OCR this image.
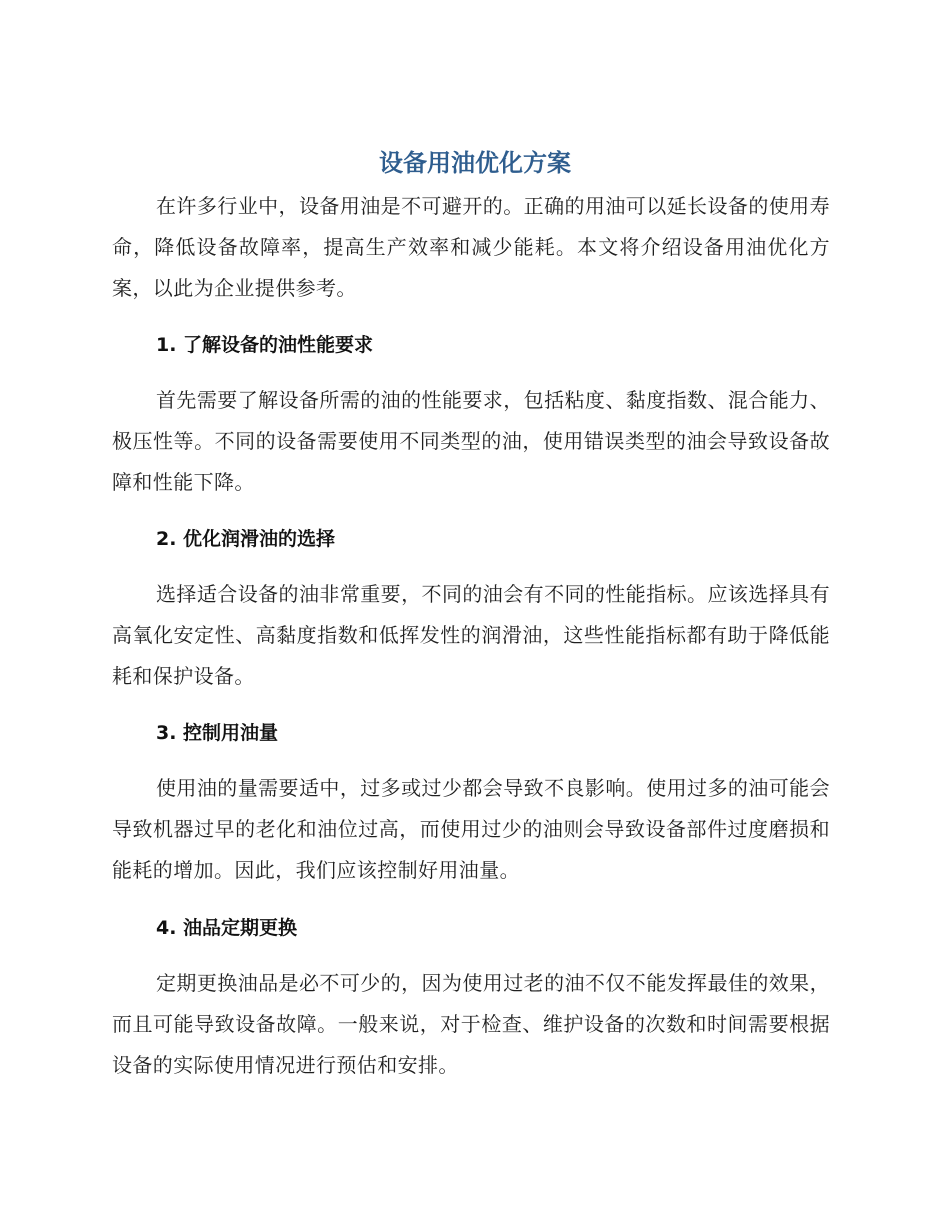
设备用油优化方案

在许多行业中，设备用油是不可避开的。正确的用油可以延长设备的使用寿命，降低设备故障率，提高生产效率和减少能耗。本文将介绍设备用油优化方案，以此为企业提供参考。

1. 了解设备的油性能要求

首先需要了解设备所需的油的性能要求，包括粘度、黏度指数、混合能力、极压性等。不同的设备需要使用不同类型的油，使用错误类型的油会导致设备故障和性能下降。

2. 优化润滑油的选择

选择适合设备的油非常重要，不同的油会有不同的性能指标。应该选择具有高氧化安定性、高黏度指数和低挥发性的润滑油，这些性能指标都有助于降低能耗和保护设备。

3. 控制用油量

使用油的量需要适中，过多或过少都会导致不良影响。使用过多的油可能会导致机器过早的老化和油位过高，而使用过少的油则会导致设备部件过度磨损和能耗的增加。因此，我们应该控制好用油量。

4. 油品定期更换

定期更换油品是必不可少的，因为使用过老的油不仅不能发挥最佳的效果，而且可能导致设备故障。一般来说，对于检查、维护设备的次数和时间需要根据设备的实际使用情况进行预估和安排。
